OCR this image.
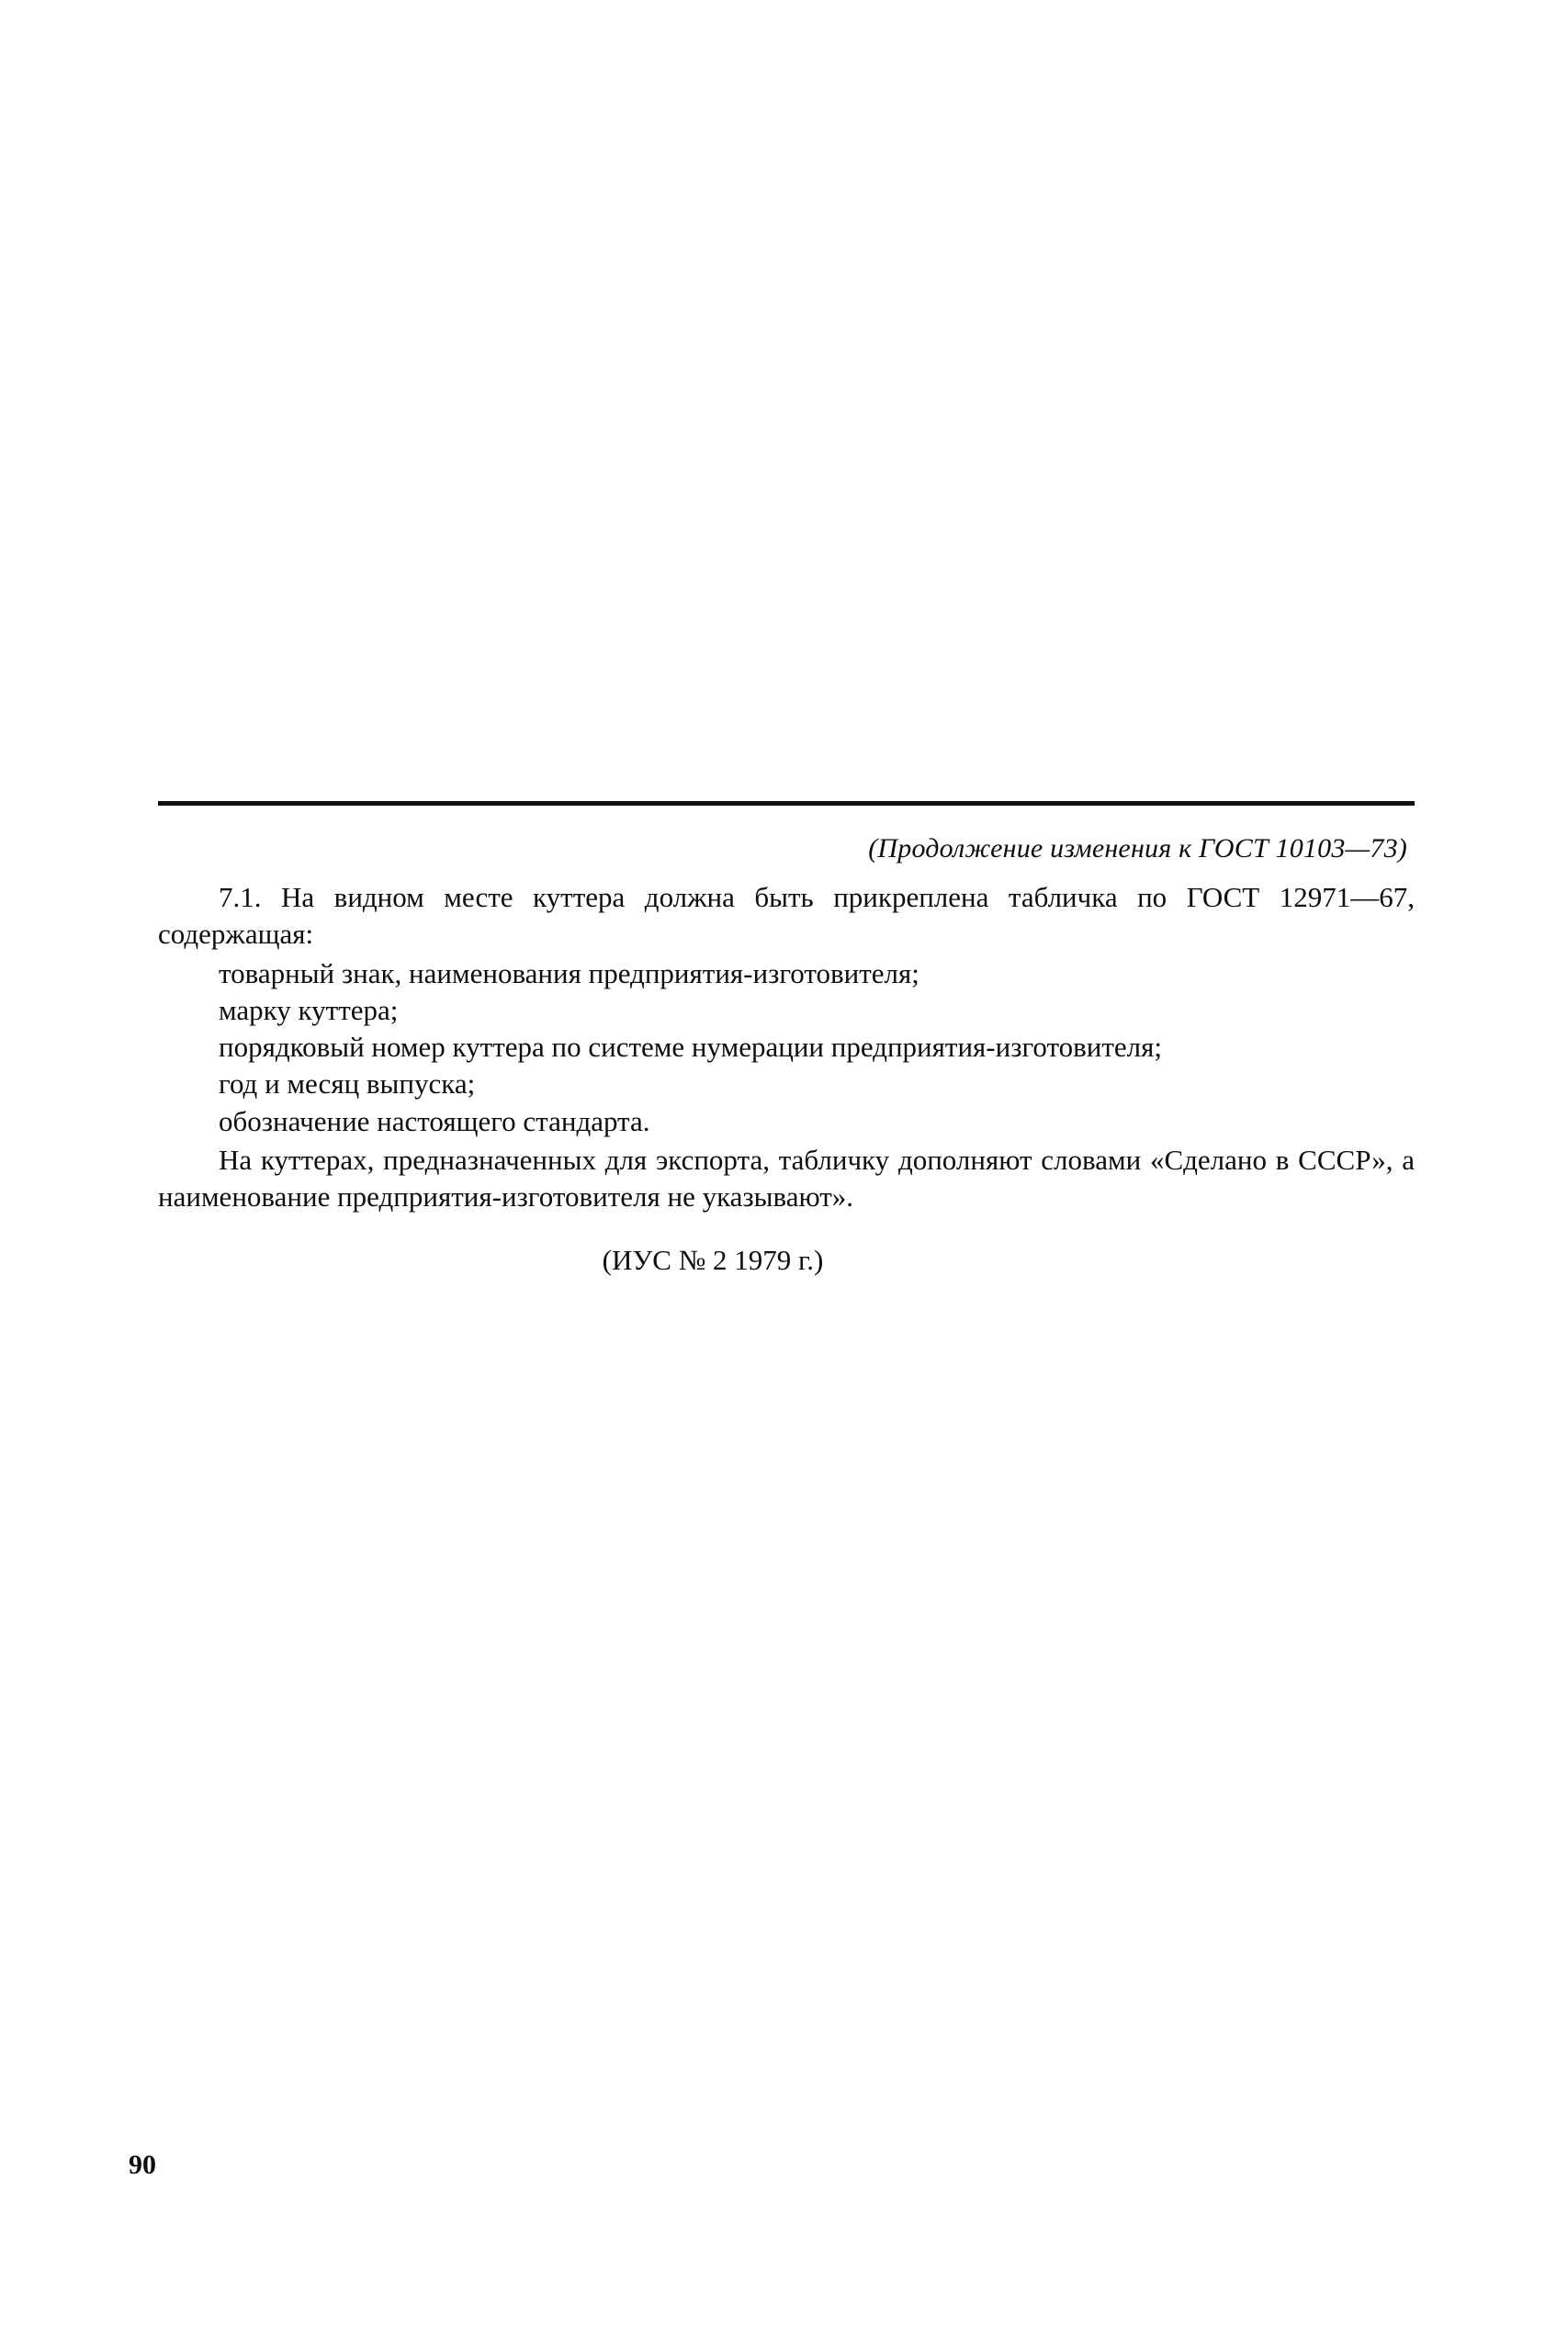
(Продолжение изменения к ГОСТ 10103—73)

7.1. На видном месте куттера должна быть прикреплена табличка по ГОСТ 12971—67, содержащая:

товарный знак, наименования предприятия-изготовителя;
марку куттера;
порядковый номер куттера по системе нумерации предприятия-изготовителя;
год и месяц выпуска;
обозначение настоящего стандарта.

На куттерах, предназначенных для экспорта, табличку дополняют словами «Сделано в СССР», а наименование предприятия-изготовителя не указывают».

(ИУС № 2 1979 г.)
90
